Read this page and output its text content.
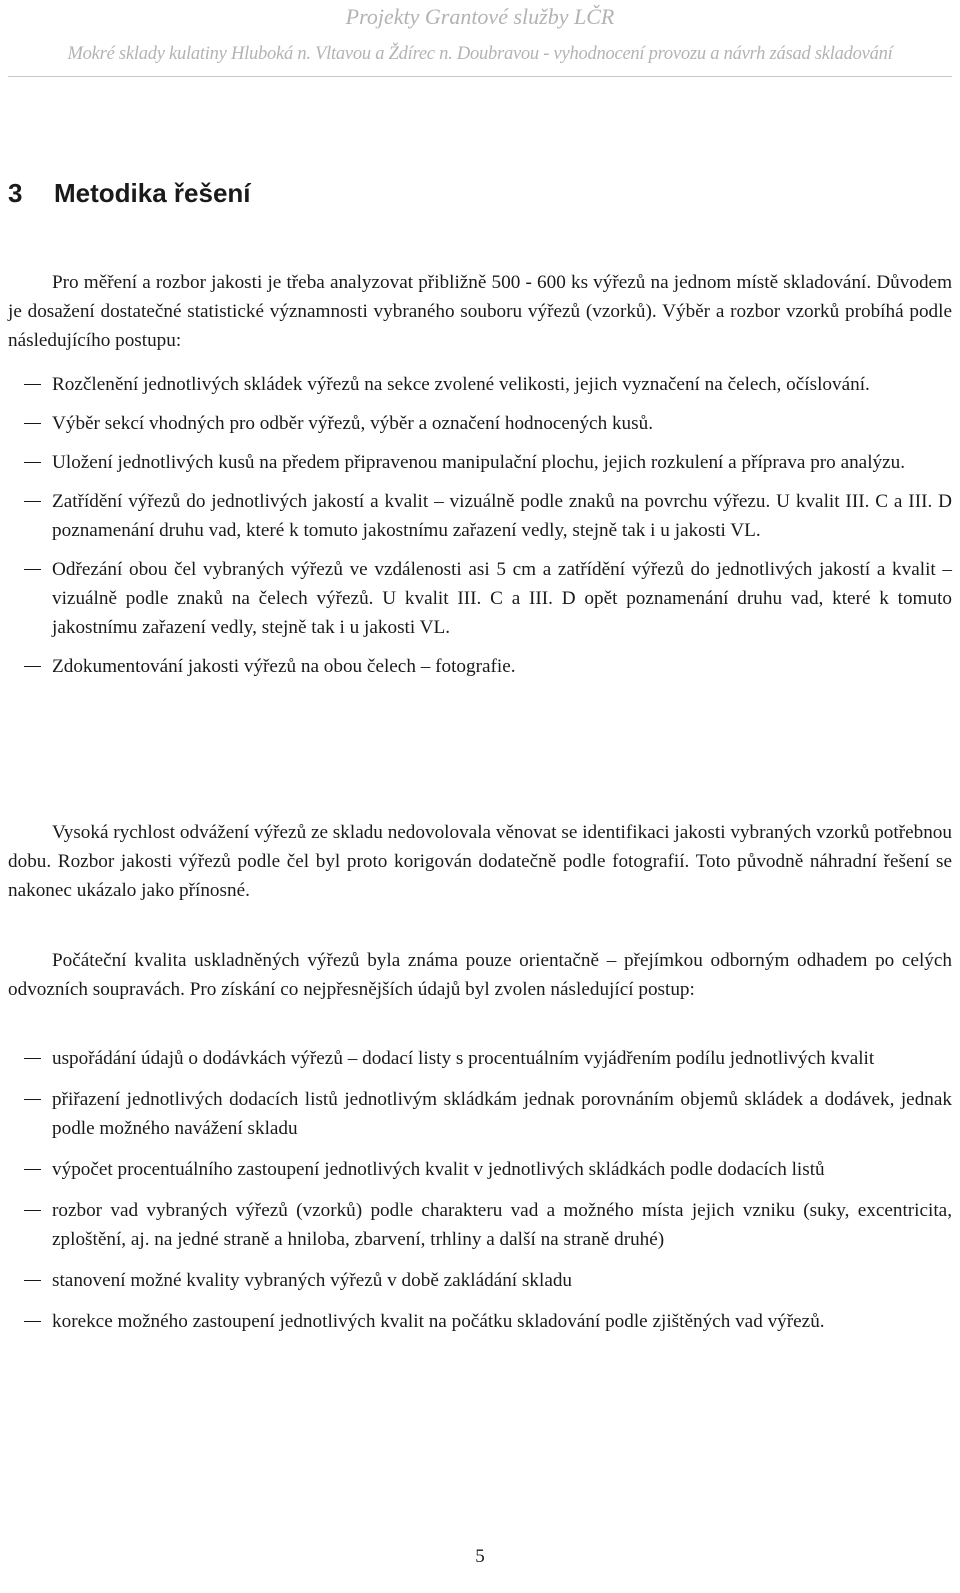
Projekty Grantové služby LČR
Mokré sklady kulatiny Hluboká n. Vltavou a Ždírec n. Doubravou - vyhodnocení provozu a návrh zásad skladování
3 Metodika řešení
Pro měření a rozbor jakosti je třeba analyzovat přibližně 500 - 600 ks výřezů na jednom místě skladování. Důvodem je dosažení dostatečné statistické významnosti vybraného souboru výřezů (vzorků). Výběr a rozbor vzorků probíhá podle následujícího postupu:
Rozčlenění jednotlivých skládek výřezů na sekce zvolené velikosti, jejich vyznačení na čelech, očíslování.
Výběr sekcí vhodných pro odběr výřezů, výběr a označení hodnocených kusů.
Uložení jednotlivých kusů na předem připravenou manipulační plochu, jejich rozkulení a příprava pro analýzu.
Zatřídění výřezů do jednotlivých jakostí a kvalit – vizuálně podle znaků na povrchu výřezu. U kvalit III. C a III. D poznamenání druhu vad, které k tomuto jakostnímu zařazení vedly, stejně tak i u jakosti VL.
Odřezání obou čel vybraných výřezů ve vzdálenosti asi 5 cm a zatřídění výřezů do jednotlivých jakostí a kvalit – vizuálně podle znaků na čelech výřezů. U kvalit III. C a III. D opět poznamenání druhu vad, které k tomuto jakostnímu zařazení vedly, stejně tak i u jakosti VL.
Zdokumentování jakosti výřezů na obou čelech – fotografie.
Vysoká rychlost odvážení výřezů ze skladu nedovolovala věnovat se identifikaci jakosti vybraných vzorků potřebnou dobu. Rozbor jakosti výřezů podle čel byl proto korigován dodatečně podle fotografií. Toto původně náhradní řešení se nakonec ukázalo jako přínosné.
Počáteční kvalita uskladněných výřezů byla známa pouze orientačně – přejímkou odborným odhadem po celých odvozních soupravách. Pro získání co nejpřesnějších údajů byl zvolen následující postup:
uspořádání údajů o dodávkách výřezů – dodací listy s procentuálním vyjádřením podílu jednotlivých kvalit
přiřazení jednotlivých dodacích listů jednotlivým skládkám jednak porovnáním objemů skládek a dodávek, jednak podle možného navážení skladu
výpočet procentuálního zastoupení jednotlivých kvalit v jednotlivých skládkách podle dodacích listů
rozbor vad vybraných výřezů (vzorků) podle charakteru vad a možného místa jejich vzniku (suky, excentricita, zploštění, aj. na jedné straně a hniloba, zbarvení, trhliny a další na straně druhé)
stanovení možné kvality vybraných výřezů v době zakládání skladu
korekce možného zastoupení jednotlivých kvalit na počátku skladování podle zjištěných vad výřezů.
5
